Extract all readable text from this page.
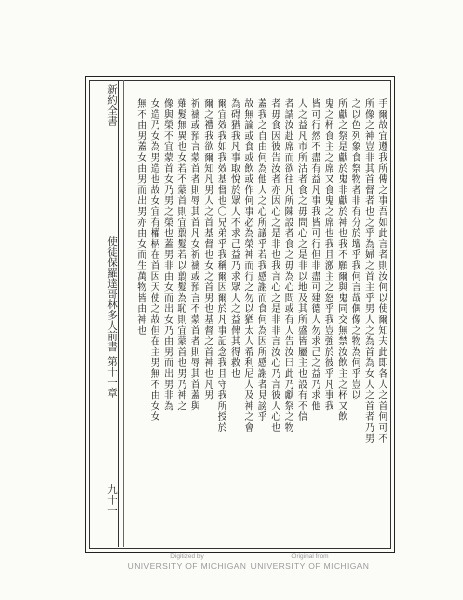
新約全書
使徒保羅達哥林多人前書
第十一章
九十一
手爾故宜遵我所傳之事吾如此言者則汝何以使爾知夫此即各人之首何可不
所像之神豈非其首督者也之乎為婦之首主乎男人之為首為女人之首者乃男
之以色列象食祭物者非有分於壇乎我何言哉偶像之物為何乎豈以
所獻之祭是獻於鬼非獻於神也我不願爾與鬼同交無禁汝飲主之杯又飲
鬼之杯食主之席又食鬼之席也我且激主之怒乎我豈強於彼乎凡事我
皆可行然不盡有益凡事我皆可行但非盡可建德人勿求己之益乃求他
人之益凡市所沽者食之毋問心之是非以地及其所盛皆屬主也設有不信
者請汝赴席而欲往凡所陳設者食之毋為心問或有人告汝曰此乃獻祭之物
者毋食因彼告汝者亦因心之是非也我言心之是非非言汝心乃言彼人心也
蓋我之自由何為他人之心所議乎若我感謝而食何為因所感謝者見謗乎
故無論或食或飲或作何事必為榮神而行之勿以猶太人希利尼人及神之會
為碍猶我凡事取悅於眾人不求己益乃求眾人之益俾其得救也
爾宜效我如我效基督也〇兄弟乎我稱爾因爾於凡事記念我且守我所授於
爾之禮我欲爾知凡男人之首基督也女之首男也基督之首神也凡男
祈禱或預言蒙首者則辱其首凡女祈禱或預言不蒙首者則辱其首蓋與
薙髮無異也女若不蒙首則宜翦髮若以翦髮為恥則宜蒙首也男乃神之
像與榮不宜蒙首女乃男之榮也蓋男非由女而出女乃由男而出男非為
女造乃女為男造也故女宜有權柄在首因天使之故但在主男無不由女女
無不由男蓋女由男而出男亦由女而生萬物皆由神也
Digitized by
UNIVERSITY OF MICHIGAN
Original from
UNIVERSITY OF MICHIGAN
